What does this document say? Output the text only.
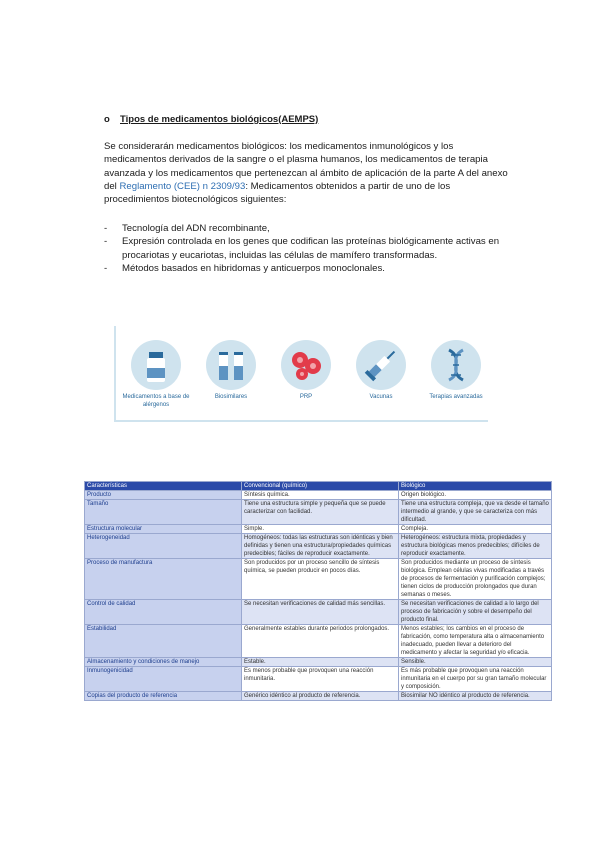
o Tipos de medicamentos biológicos(AEMPS)
Se considerarán medicamentos biológicos: los medicamentos inmunológicos y los medicamentos derivados de la sangre o el plasma humanos, los medicamentos de terapia avanzada y los medicamentos que pertenezcan al ámbito de aplicación de la parte A del anexo del Reglamento (CEE) n 2309/93: Medicamentos obtenidos a partir de uno de los procedimientos biotecnológicos siguientes:
- Tecnología del ADN recombinante,
- Expresión controlada en los genes que codifican las proteínas biológicamente activas en procariotas y eucariotas, incluidas las células de mamífero transformadas.
- Métodos basados en hibridomas y anticuerpos monoclonales.
Medicamentos a base de alérgenos
Biosimilares	PRP	Vacunas	Terapias avanzadas
Características	Convencional (químico)	Biológico
Producto	Síntesis química.	Origen biológico.
Tamaño	Tiene una estructura simple y pequeña que se puede caracterizar con facilidad.	Tiene una estructura compleja, que va desde el tamaño intermedio al grande, y que se caracteriza con más dificultad.
Estructura molecular	Simple.	Compleja.
Heterogeneidad	Homogéneos: todas las estructuras son idénticas y bien definidas y tienen una estructura/propiedades químicas predecibles; fáciles de reproducir exactamente.	Heterogéneos: estructura mixta, propiedades y estructura biológicas menos predecibles; difíciles de reproducir exactamente.
Proceso de manufactura	Son producidos por un proceso sencillo de síntesis química, se pueden producir en pocos días.	Son producidos mediante un proceso de síntesis biológica. Emplean células vivas modificadas a través de procesos de fermentación y purificación complejos; tienen ciclos de producción prolongados que duran semanas o meses.
Control de calidad	Se necesitan verificaciones de calidad más sencillas.	Se necesitan verificaciones de calidad a lo largo del proceso de fabricación y sobre el desempeño del producto final.
Estabilidad	Generalmente estables durante periodos prolongados.	Menos estables; los cambios en el proceso de fabricación, como temperatura alta o almacenamiento inadecuado, pueden llevar a deterioro del medicamento y afectar la seguridad y/o eficacia.
Almacenamiento y condiciones de manejo	Estable.	Sensible.
Inmunogenicidad	Es menos probable que provoquen una reacción inmunitaria.	Es más probable que provoquen una reacción inmunitaria en el cuerpo por su gran tamaño molecular y composición.
Copias del producto de referencia	Genérico idéntico al producto de referencia.	Biosimilar NO idéntico al producto de referencia.
